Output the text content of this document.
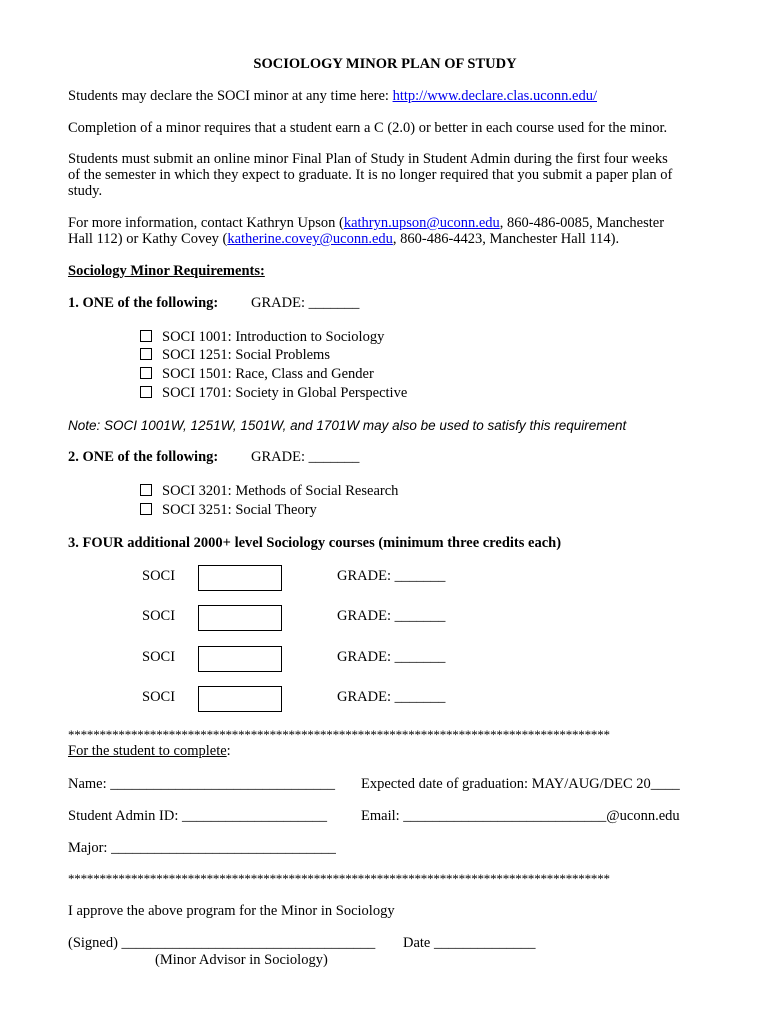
SOCIOLOGY MINOR PLAN OF STUDY
Students may declare the SOCI minor at any time here: http://www.declare.clas.uconn.edu/
Completion of a minor requires that a student earn a C (2.0) or better in each course used for the minor.
Students must submit an online minor Final Plan of Study in Student Admin during the first four weeks
of the semester in which they expect to graduate. It is no longer required that you submit a paper plan of
study.
For more information, contact Kathryn Upson (kathryn.upson@uconn.edu, 860-486-0085, Manchester
Hall 112) or Kathy Covey (katherine.covey@uconn.edu, 860-486-4423, Manchester Hall 114).
Sociology Minor Requirements:
1. ONE of the following: GRADE: _______
SOCI 1001: Introduction to Sociology
SOCI 1251: Social Problems
SOCI 1501: Race, Class and Gender
SOCI 1701: Society in Global Perspective
Note: SOCI 1001W, 1251W, 1501W, and 1701W may also be used to satisfy this requirement
2. ONE of the following: GRADE: _______
SOCI 3201: Methods of Social Research
SOCI 3251: Social Theory
3. FOUR additional 2000+ level Sociology courses (minimum three credits each)
SOCI	GRADE: _______
SOCI	GRADE: _______
SOCI	GRADE: _______
SOCI	GRADE: _______
**************************************************************************************
For the student to complete:
Name: _______________________________ Expected date of graduation: MAY/AUG/DEC 20____
Student Admin ID: ____________________ Email: ____________________________@uconn.edu
Major: _______________________________
**************************************************************************************
I approve the above program for the Minor in Sociology
(Signed) ___________________________________ Date ______________
(Minor Advisor in Sociology)
